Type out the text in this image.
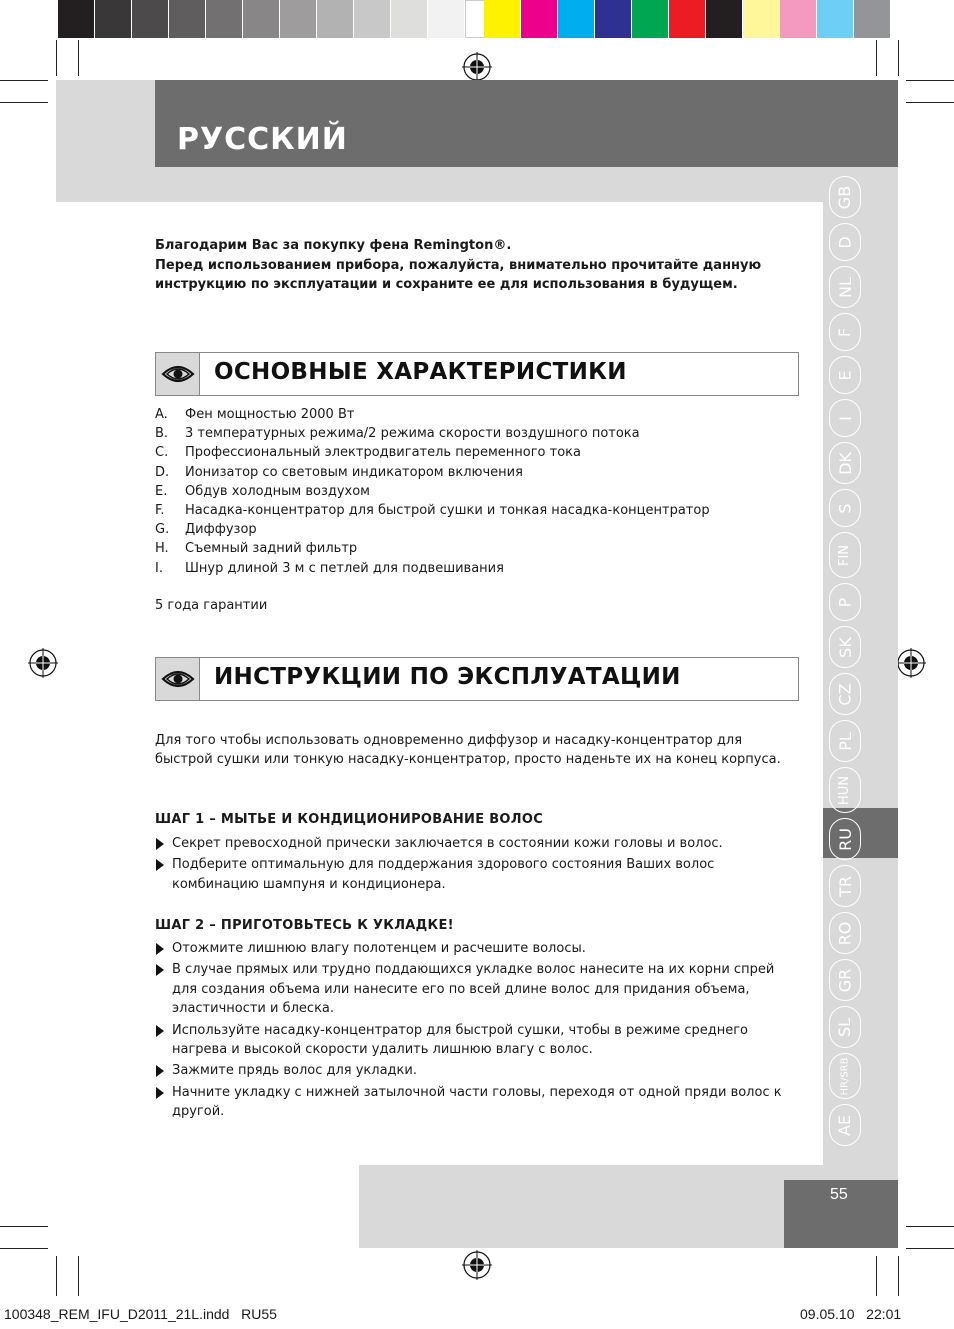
РУССКИЙ
GB
D
NL
F
E
I
DK
S
FIN
P
SK
CZ
PL
HUN
RU
TR
RO
GR
SL
HR/SRB
AE
Благодарим Вас за покупку фена Remington®.
Перед использованием прибора, пожалуйста, внимательно прочитайте данную инструкцию по эксплуатации и сохраните ее для использования в будущем.
ОСНОВНЫЕ ХАРАКТЕРИСТИКИ
A.	Фен мощностью 2000 Вт
B.	3 температурных режима/2 режима скорости воздушного потока
C.	Профессиональный электродвигатель переменного тока
D.	Ионизатор со световым индикатором включения
E.	Обдув холодным воздухом
F.	Насадка-концентратор для быстрой сушки и тонкая насадка-концентратор
G.	Диффузор
H.	Съемный задний фильтр
I.	Шнур длиной 3 м с петлей для подвешивания
5 года гарантии
ИНСТРУКЦИИ ПО ЭКСПЛУАТАЦИИ
Для того чтобы использовать одновременно диффузор и насадку-концентратор для быстрой сушки или тонкую насадку-концентратор, просто наденьте их на конец корпуса.
ШАГ 1 – МЫТЬЕ И КОНДИЦИОНИРОВАНИЕ ВОЛОС
Секрет превосходной прически заключается в состоянии кожи головы и волос.
Подберите оптимальную для поддержания здорового состояния Ваших волос комбинацию шампуня и кондиционера.
ШАГ 2 – ПРИГОТОВЬТЕСЬ К УКЛАДКЕ!
Отожмите лишнюю влагу полотенцем и расчешите волосы.
В случае прямых или трудно поддающихся укладке волос нанесите на их корни спрей для создания объема или нанесите его по всей длине волос для придания объема, эластичности и блеска.
Используйте насадку-концентратор для быстрой сушки, чтобы в режиме среднего нагрева и высокой скорости удалить лишнюю влагу с волос.
Зажмите прядь волос для укладки.
Начните укладку с нижней затылочной части головы, переходя от одной пряди волос к другой.
55
100348_REM_IFU_D2011_21L.indd   RU55	09.05.10   22:01
